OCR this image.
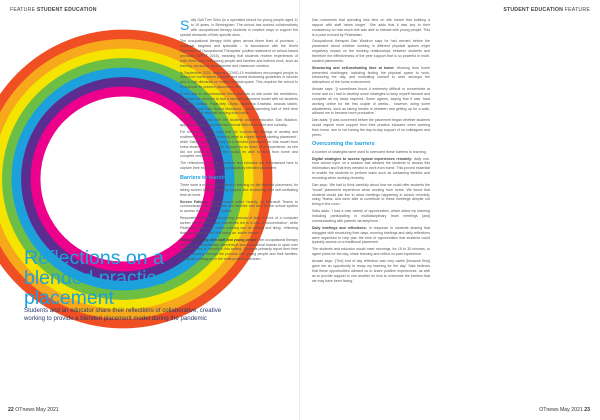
FEATURE STUDENT EDUCATION
Reflections on a blended practice placement

Students and an educator share their reflections of collaborative, creative working to provide a blended placement model during the pandemic

22 OTnews May 2021

Sally Gall Tver Scho (is a specialist school for young people aged 11 to 19 years, in Birmingham. The school has worked collaboratively with occupational therapy students in creative ways to support the special demands of their specific aims.

The occupational therapy child gives across these lines of provision – universal, targeted and specialist – in accordance with the World Federation of Occupational Therapists' position statement on school-based provision (WFOT 2016), meaning that students receive experiences of both direct work with young people and families and indirect work, such as training, curriculum development and classroom creation.

In September 2020, returned COVID-19 restrictions encouraged people to work from home where possible and social distancing guidelines in schools and in high demands on limited physical space. This required the school to re-evaluate its practice placement offer.

It was able to accommodate three students on site under the restrictions, but made the decision to trial a blended placement model with six students – Salma Abdalla, Pape-Ieep Ofobo, Nadiesha Enselatu, anaoas Ialdeh, Lina Long and Sala Nazea Mohamed – each spending half of their time working on site and half working from home.

It is fair to say that both the students and the educator, Dan Waldron, approached the new placement format with excitement and curiosity.

For example, Amaan says that his ‘experiential feelings of anxiety and excitement around not knowing what to expect before starting placement’, while Salma says that being on a blended placement for that model from knew students over whether it would be as much of an experience, as she did not understand how she would be able to work from home and complete certain tasks.

The reflections of the six students and educator are summarised here to capture their experience of a participatory blended placement.

Barriers to learning

There were a number of barriers to learning on the blended placement, for taking screen fatigue, building rapport and structuring and self-motivating time at home.

Screen Fatigue: the placement relied heavily on Microsoft Teams to communicate with colleagues and families and also on the school system to access documents and videos.

Resonates feels that transitioning periods of time in front of a computer screen was ‘draining and sometimes led to a loss of concentration’, while Pedestaria adds that ‘online learning can be difficult and tiring’, reflecting that she especially felt this being an ‘active learner’.

Rapport-building with staff and young people: the occupational therapy services of Institutionally intervention and educational brands to span over several weeks or months in this setting. Students primarily report their time on site working through the process with young people and their families, alongside colleagues in the multi-professional team.

STUDENT EDUCATION FEATURE

Dan comments that spending less time on site meant that building a rapport with staff ‘takes longer’. She adds that it was key to their consistency on how much she was able to interact with young people. This is a point echoed by Pedestrian.

Occupational therapist Dan Waldron says he had worried before the placement about whether working in different physical spaces might negatively impact on the working relationships between students and therefore the effectiveness of the peer support that is so powerful in multi-student placements.

Structuring and self-motivating time at home: Working from home presented challenges, including finding the physical space to work, structuring the day, and motivating oneself to work amongst the distractions of the home environment.

Amaan says: ‘[I sometimes found it extremely difficult to concentrate at home and so I had to develop some strategies to keep myself focused and complete all my tasks required. Some agrees, saying that it was ‘hard working online for the first couple of weeks… however, doing some adjustments, such as taking breaks in between and getting up for a walk, allowed me to become more productive.’

Dan adds: ‘[I was concerned before the placement began whether students would require more support from their practice educator when working from home, due to not having the day-to-day support of on colleagues and peers.’

Overcoming the barriers

A number of strategies were used to overcome these barriers to learning.

Digital strategies to access typical experiences remotely: daily one-hour school input on a session that allowed the students to access this information and that they needed to work from home. This proved essential to enable the students to perform tasks such as contacting families and recording when working remotely.

Dan says: ‘We had to think carefully about how we could offer students the “usual” placement experience when working from home. We found that students would join live to allow meetings happening in school remotely, using Teams, and were able to contribute to these meetings despite not being in the room.’

Salla adds: ‘I had a vast variety of opportunities, which aided my learning including participating in multidisciplinary team meetings [and] communicating with parents via telephone.’

Daily briefings and reflections: In response to students sharing that struggles with structuring their days, morning briefings and daily reflections were organised to help plan the time of opportunities that students could typically access on a traditional placement.

The students and educator would meet mornings, for 15 to 30 minutes, to agree plans for the day, share learning and reflect on past experience.

Amaan says: ‘[The] end of day reflection was very useful [because they] gave me an opportunity to recap my learning for the day.’ Sala believes that these opportunities allowed us to share positive experiences, as well as to provide support to one another on how to overcome the barriers that we may have been facing.’

OTnews May 2021 23
